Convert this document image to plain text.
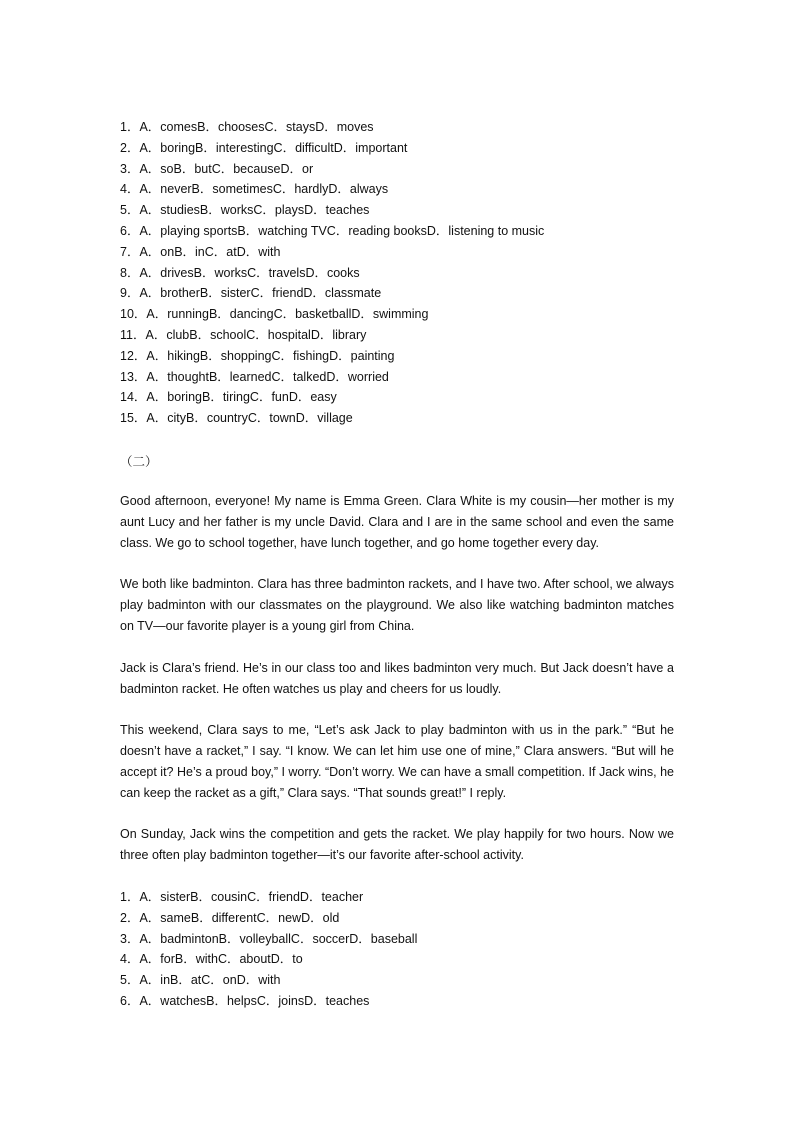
1．A．comesB．choosesC．staysD．moves
2．A．boringB．interestingC．difficultD．important
3．A．soB．butC．becauseD．or
4．A．neverB．sometimesC．hardlyD．always
5．A．studiesB．worksC．playsD．teaches
6．A．playing sportsB．watching TVC．reading booksD．listening to music
7．A．onB．inC．atD．with
8．A．drivesB．worksC．travelsD．cooks
9．A．brotherB．sisterC．friendD．classmate
10．A．runningB．dancingC．basketballD．swimming
11．A．clubB．schoolC．hospitalD．library
12．A．hikingB．shoppingC．fishingD．painting
13．A．thoughtB．learnedC．talkedD．worried
14．A．boringB．tiringC．funD．easy
15．A．cityB．countryC．townD．village
（二）

Good afternoon, everyone! My name is Emma Green. Clara White is my cousin—her mother is my aunt Lucy and her father is my uncle David. Clara and I are in the same school and even the same class. We go to school together, have lunch together, and go home together every day.

We both like badminton. Clara has three badminton rackets, and I have two. After school, we always play badminton with our classmates on the playground. We also like watching badminton matches on TV—our favorite player is a young girl from China.

Jack is Clara’s friend. He’s in our class too and likes badminton very much. But Jack doesn’t have a badminton racket. He often watches us play and cheers for us loudly.

This weekend, Clara says to me, “Let’s ask Jack to play badminton with us in the park.” “But he doesn’t have a racket,” I say. “I know. We can let him use one of mine,” Clara answers. “But will he accept it? He’s a proud boy,” I worry. “Don’t worry. We can have a small competition. If Jack wins, he can keep the racket as a gift,” Clara says. “That sounds great!” I reply.

On Sunday, Jack wins the competition and gets the racket. We play happily for two hours. Now we three often play badminton together—it’s our favorite after-school activity.

1．A．sisterB．cousinC．friendD．teacher
2．A．sameB．differentC．newD．old
3．A．badmintonB．volleyballC．soccerD．baseball
4．A．forB．withC．aboutD．to
5．A．inB．atC．onD．with
6．A．watchesB．helpsC．joinsD．teaches
